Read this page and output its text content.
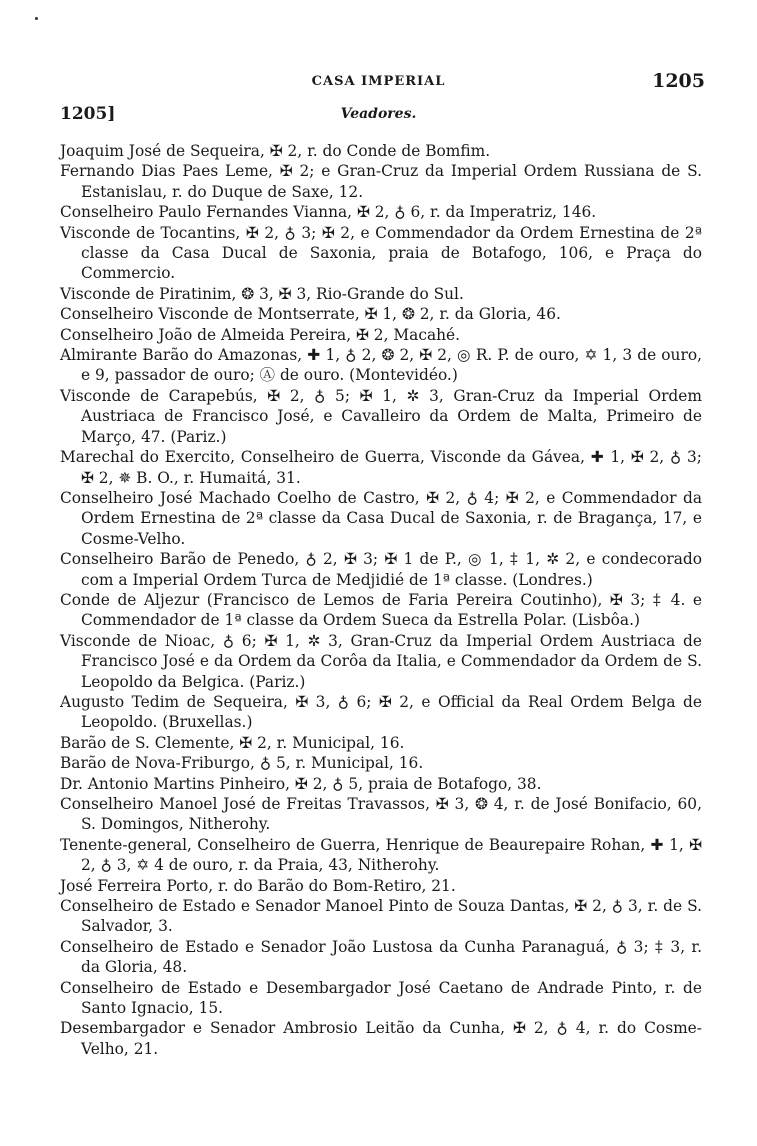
CASA IMPERIAL	1205
1205]	Veadores.

Joaquim José de Sequeira, ✠ 2, r. do Conde de Bomfim.

Fernando Dias Paes Leme, ✠ 2; e Gran-Cruz da Imperial Ordem Russiana de S. Estanislau, r. do Duque de Saxe, 12.

Conselheiro Paulo Fernandes Vianna, ✠ 2, ♁ 6, r. da Imperatriz, 146.

Visconde de Tocantins, ✠ 2, ♁ 3; ✠ 2, e Commendador da Ordem Ernestina de 2ª classe da Casa Ducal de Saxonia, praia de Botafogo, 106, e Praça do Commercio.

Visconde de Piratinim, ❂ 3, ✠ 3, Rio-Grande do Sul.

Conselheiro Visconde de Montserrate, ✠ 1, ❂ 2, r. da Gloria, 46.

Conselheiro João de Almeida Pereira, ✠ 2, Macahé.

Almirante Barão do Amazonas, ✚ 1, ♁ 2, ❂ 2, ✠ 2, ◎ R. P. de ouro, ✡ 1, 3 de ouro, e 9, passador de ouro; Ⓐ de ouro. (Montevidéo.)

Visconde de Carapebús, ✠ 2, ♁ 5; ✠ 1, ✲ 3, Gran-Cruz da Imperial Ordem Austriaca de Francisco José, e Cavalleiro da Ordem de Malta, Primeiro de Março, 47. (Pariz.)

Marechal do Exercito, Conselheiro de Guerra, Visconde da Gávea, ✚ 1, ✠ 2, ♁ 3; ✠ 2, ✵ B. O., r. Humaitá, 31.

Conselheiro José Machado Coelho de Castro, ✠ 2, ♁ 4; ✠ 2, e Commendador da Ordem Ernestina de 2ª classe da Casa Ducal de Saxonia, r. de Bragança, 17, e Cosme-Velho.

Conselheiro Barão de Penedo, ♁ 2, ✠ 3; ✠ 1 de P., ◎ 1, ‡ 1, ✲ 2, e condecorado com a Imperial Ordem Turca de Medjidié de 1ª classe. (Londres.)

Conde de Aljezur (Francisco de Lemos de Faria Pereira Coutinho), ✠ 3; ‡ 4. e Commendador de 1ª classe da Ordem Sueca da Estrella Polar. (Lisbôa.)

Visconde de Nioac, ♁ 6; ✠ 1, ✲ 3, Gran-Cruz da Imperial Ordem Austriaca de Francisco José e da Ordem da Corôa da Italia, e Commendador da Ordem de S. Leopoldo da Belgica. (Pariz.)

Augusto Tedim de Sequeira, ✠ 3, ♁ 6; ✠ 2, e Official da Real Ordem Belga de Leopoldo. (Bruxellas.)

Barão de S. Clemente, ✠ 2, r. Municipal, 16.

Barão de Nova-Friburgo, ♁ 5, r. Municipal, 16.

Dr. Antonio Martins Pinheiro, ✠ 2, ♁ 5, praia de Botafogo, 38.

Conselheiro Manoel José de Freitas Travassos, ✠ 3, ❂ 4, r. de José Bonifacio, 60, S. Domingos, Nitherohy.

Tenente-general, Conselheiro de Guerra, Henrique de Beaurepaire Rohan, ✚ 1, ✠ 2, ♁ 3, ✡ 4 de ouro, r. da Praia, 43, Nitherohy.

José Ferreira Porto, r. do Barão do Bom-Retiro, 21.

Conselheiro de Estado e Senador Manoel Pinto de Souza Dantas, ✠ 2, ♁ 3, r. de S. Salvador, 3.

Conselheiro de Estado e Senador João Lustosa da Cunha Paranaguá, ♁ 3; ‡ 3, r. da Gloria, 48.

Conselheiro de Estado e Desembargador José Caetano de Andrade Pinto, r. de Santo Ignacio, 15.

Desembargador e Senador Ambrosio Leitão da Cunha, ✠ 2, ♁ 4, r. do Cosme-Velho, 21.
